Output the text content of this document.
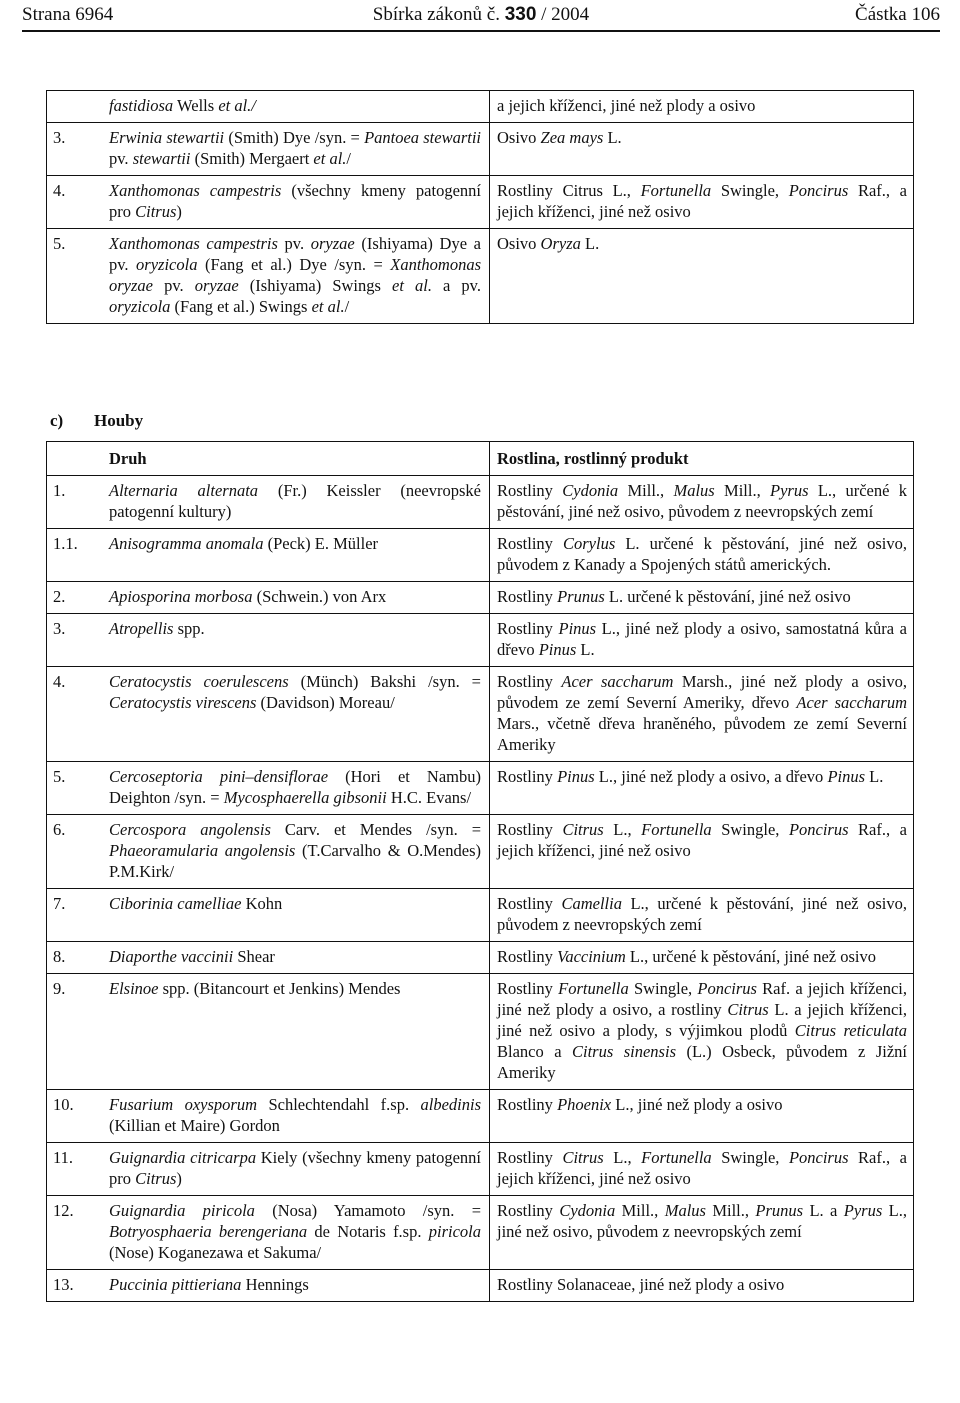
Strana 6964	Sbírka zákonů č. 330 / 2004	Částka 106
	fastidiosa Wells et al./	a jejich kříženci, jiné než plody a osivo
3.	Erwinia stewartii (Smith) Dye /syn. = Pantoea stewartii pv. stewartii (Smith) Mergaert et al./	Osivo Zea mays L.
4.	Xanthomonas campestris (všechny kmeny patogenní pro Citrus)	Rostliny Citrus L., Fortunella Swingle, Poncirus Raf., a jejich kříženci, jiné než osivo
5.	Xanthomonas campestris pv. oryzae (Ishiyama) Dye a pv. oryzicola (Fang et al.) Dye /syn. = Xanthomonas oryzae pv. oryzae (Ishiyama) Swings et al. a pv. oryzicola (Fang et al.) Swings et al./	Osivo Oryza L.
c) Houby
	Druh	Rostlina, rostlinný produkt
1.	Alternaria alternata (Fr.) Keissler (neevropské patogenní kultury)	Rostliny Cydonia Mill., Malus Mill., Pyrus L., určené k pěstování, jiné než osivo, původem z neevropských zemí
1.1.	Anisogramma anomala (Peck) E. Müller	Rostliny Corylus L. určené k pěstování, jiné než osivo, původem z Kanady a Spojených států amerických.
2.	Apiosporina morbosa (Schwein.) von Arx	Rostliny Prunus L. určené k pěstování, jiné než osivo
3.	Atropellis spp.	Rostliny Pinus L., jiné než plody a osivo, samostatná kůra a dřevo Pinus L.
4.	Ceratocystis coerulescens (Münch) Bakshi /syn. = Ceratocystis virescens (Davidson) Moreau/	Rostliny Acer saccharum Marsh., jiné než plody a osivo, původem ze zemí Severní Ameriky, dřevo Acer saccharum Mars., včetně dřeva hraněného, původem ze zemí Severní Ameriky
5.	Cercoseptoria pini–densiflorae (Hori et Nambu) Deighton /syn. = Mycosphaerella gibsonii H.C. Evans/	Rostliny Pinus L., jiné než plody a osivo, a dřevo Pinus L.
6.	Cercospora angolensis Carv. et Mendes /syn. = Phaeoramularia angolensis (T.Carvalho & O.Mendes) P.M.Kirk/	Rostliny Citrus L., Fortunella Swingle, Poncirus Raf., a jejich kříženci, jiné než osivo
7.	Ciborinia camelliae Kohn	Rostliny Camellia L., určené k pěstování, jiné než osivo, původem z neevropských zemí
8.	Diaporthe vaccinii Shear	Rostliny Vaccinium L., určené k pěstování, jiné než osivo
9.	Elsinoe spp. (Bitancourt et Jenkins) Mendes	Rostliny Fortunella Swingle, Poncirus Raf. a jejich kříženci, jiné než plody a osivo, a rostliny Citrus L. a jejich kříženci, jiné než osivo a plody, s výjimkou plodů Citrus reticulata Blanco a Citrus sinensis (L.) Osbeck, původem z Jižní Ameriky
10.	Fusarium oxysporum Schlechtendahl f.sp. albedinis (Killian et Maire) Gordon	Rostliny Phoenix L., jiné než plody a osivo
11.	Guignardia citricarpa Kiely (všechny kmeny patogenní pro Citrus)	Rostliny Citrus L., Fortunella Swingle, Poncirus Raf., a jejich kříženci, jiné než osivo
12.	Guignardia piricola (Nosa) Yamamoto /syn. = Botryosphaeria berengeriana de Notaris f.sp. piricola (Nose) Koganezawa et Sakuma/	Rostliny Cydonia Mill., Malus Mill., Prunus L. a Pyrus L., jiné než osivo, původem z neevropských zemí
13.	Puccinia pittieriana Hennings	Rostliny Solanaceae, jiné než plody a osivo
